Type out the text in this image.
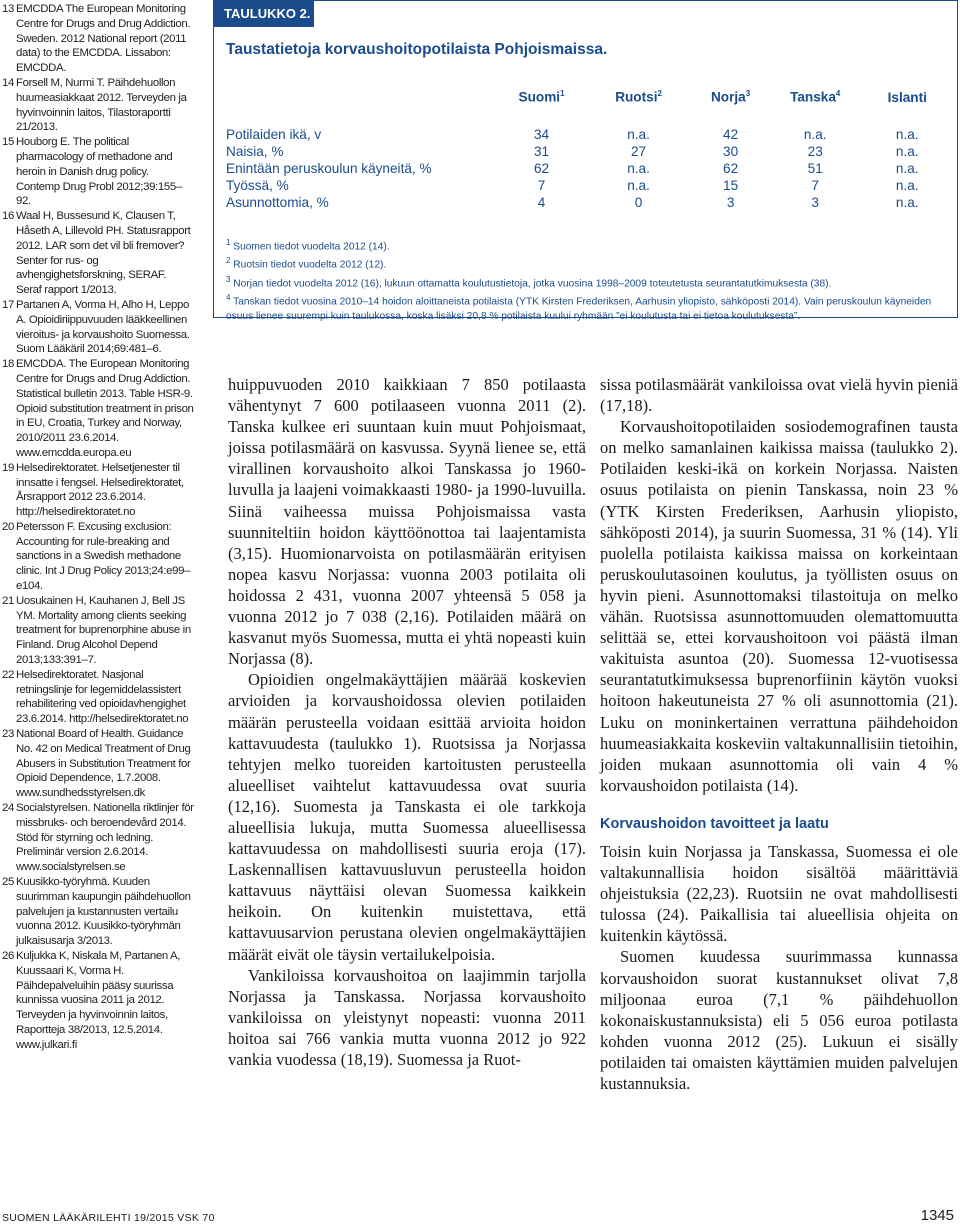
13 EMCDDA The European Monitoring Centre for Drugs and Drug Addiction. Sweden. 2012 National report (2011 data) to the EMCDDA. Lissabon: EMCDDA.
14 Forsell M, Nurmi T. Päihdehuollon huumeasiakkaat 2012. Terveyden ja hyvinvoinnin laitos, Tilastoraportti 21/2013.
15 Houborg E. The political pharmacology of methadone and heroin in Danish drug policy. Contemp Drug Probl 2012;39:155–92.
16 Waal H, Bussesund K, Clausen T, Håseth A, Lillevold PH. Statusrapport 2012. LAR som det vil bli fremover? Senter for rus- og avhengighetsforskning, SERAF. Seraf rapport 1/2013.
17 Partanen A, Vorma H, Alho H, Leppo A. Opioidiriippuvuuden lääkkeellinen vieroitus- ja korvaushoito Suomessa. Suom Lääkäril 2014;69:481–6.
18 EMCDDA. The European Monitoring Centre for Drugs and Drug Addiction. Statistical bulletin 2013. Table HSR-9. Opioid substitution treatment in prison in EU, Croatia, Turkey and Norway, 2010/2011 23.6.2014. www.emcdda.europa.eu
19 Helsedirektoratet. Helsetjenester til innsatte i fengsel. Helsedirektoratet, Årsrapport 2012 23.6.2014. http://helsedirektoratet.no
20 Petersson F. Excusing exclusion: Accounting for rule-breaking and sanctions in a Swedish methadone clinic. Int J Drug Policy 2013;24:e99–e104.
21 Uosukainen H, Kauhanen J, Bell JS YM. Mortality among clients seeking treatment for buprenorphine abuse in Finland. Drug Alcohol Depend 2013;133:391–7.
22 Helsedirektoratet. Nasjonal retningslinje for legemiddelassistert rehabilitering ved opioidavhengighet 23.6.2014. http://helsedirektoratet.no
23 National Board of Health. Guidance No. 42 on Medical Treatment of Drug Abusers in Substitution Treatment for Opioid Dependence, 1.7.2008. www.sundhedsstyrelsen.dk
24 Socialstyrelsen. Nationella riktlinjer för missbruks- och beroendevård 2014. Stöd för styrning och ledning. Preliminär version 2.6.2014. www.socialstyrelsen.se
25 Kuusikko-työryhmä. Kuuden suurimman kaupungin päihdehuollon palvelujen ja kustannusten vertailu vuonna 2012. Kuusikko-työryhmän julkaisusarja 3/2013.
26 Kuljukka K, Niskala M, Partanen A, Kuussaari K, Vorma H. Päihdepalveluihin pääsy suurissa kunnissa vuosina 2011 ja 2012. Terveyden ja hyvinvoinnin laitos, Raportteja 38/2013, 12.5.2014. www.julkari.fi
TAULUKKO 2.
Taustatietoja korvaushoitopotilaista Pohjoismaissa.
	Suomi$^1$	Ruotsi$^2$	Norja$^3$	Tanska$^4$	Islanti

Potilaiden ikä, v	34	n.a.	42	n.a.	n.a.
Naisia, %	31	27	30	23	n.a.
Enintään peruskoulun käyneitä, %	62	n.a.	62	51	n.a.
Työssä, %	7	n.a.	15	7	n.a.
Asunnottomia, %	4	0	3	3	n.a.
$^1$ Suomen tiedot vuodelta 2012 (14).
$^2$ Ruotsin tiedot vuodelta 2012 (12).
$^3$ Norjan tiedot vuodelta 2012 (16), lukuun ottamatta koulutustietoja, jotka vuosina 1998–2009 toteutetusta seurantatutkimuksesta (38).
$^4$ Tanskan tiedot vuosina 2010–14 hoidon aloittaneista potilaista (YTK Kirsten Frederiksen, Aarhusin yliopisto, sähköposti 2014). Vain peruskoulun käyneiden osuus lienee suurempi kuin taulukossa, koska lisäksi 20,8 % potilaista kuului ryhmään ”ei koulutusta tai ei tietoa koulutuksesta”.

huippuvuoden 2010 kaikkiaan 7 850 potilaasta vähentynyt 7 600 potilaaseen vuonna 2011 (2). Tanska kulkee eri suuntaan kuin muut Pohjoismaat, joissa potilasmäärä on kasvussa. Syynä lienee se, että virallinen korvaushoito alkoi Tanskassa jo 1960-luvulla ja laajeni voimakkaasti 1980- ja 1990-luvuilla. Siinä vaiheessa muissa Pohjoismaissa vasta suunniteltiin hoidon käyttöönottoa tai laajentamista (3,15). Huomionarvoista on potilasmäärän erityisen nopea kasvu Norjassa: vuonna 2003 potilaita oli hoidossa 2 431, vuonna 2007 yhteensä 5 058 ja vuonna 2012 jo 7 038 (2,16). Potilaiden määrä on kasvanut myös Suomessa, mutta ei yhtä nopeasti kuin Norjassa (8).

Opioidien ongelmakäyttäjien määrää koskevien arvioiden ja korvaushoidossa olevien potilaiden määrän perusteella voidaan esittää arvioita hoidon kattavuudesta (taulukko 1). Ruotsissa ja Norjassa tehtyjen melko tuoreiden kartoitusten perusteella alueelliset vaihtelut kattavuudessa ovat suuria (12,16). Suomesta ja Tanskasta ei ole tarkkoja alueellisia lukuja, mutta Suomessa alueellisessa kattavuudessa on mahdollisesti suuria eroja (17). Laskennallisen kattavuusluvun perusteella hoidon kattavuus näyttäisi olevan Suomessa kaikkein heikoin. On kuitenkin muistettava, että kattavuusarvion perustana olevien ongelmakäyttäjien määrät eivät ole täysin vertailukelpoisia.

Vankiloissa korvaushoitoa on laajimmin tarjolla Norjassa ja Tanskassa. Norjassa korvaushoito vankiloissa on yleistynyt nopeasti: vuonna 2011 hoitoa sai 766 vankia mutta vuonna 2012 jo 922 vankia vuodessa (18,19). Suomessa ja Ruot-

sissa potilasmäärät vankiloissa ovat vielä hyvin pieniä (17,18).

Korvaushoitopotilaiden sosiodemografinen tausta on melko samanlainen kaikissa maissa (taulukko 2). Potilaiden keski-ikä on korkein Norjassa. Naisten osuus potilaista on pienin Tanskassa, noin 23 % (YTK Kirsten Frederiksen, Aarhusin yliopisto, sähköposti 2014), ja suurin Suomessa, 31 % (14). Yli puolella potilaista kaikissa maissa on korkeintaan peruskoulutasoinen koulutus, ja työllisten osuus on hyvin pieni. Asunnottomaksi tilastoituja on melko vähän. Ruotsissa asunnottomuuden olemattomuutta selittää se, ettei korvaushoitoon voi päästä ilman vakituista asuntoa (20). Suomessa 12-vuotisessa seurantatutkimuksessa buprenorfiinin käytön vuoksi hoitoon hakeutuneista 27 % oli asunnottomia (21). Luku on moninkertainen verrattuna päihdehoidon huumeasiakkaita koskeviin valtakunnallisiin tietoihin, joiden mukaan asunnottomia oli vain 4 % korvaushoidon potilaista (14).

Korvaushoidon tavoitteet ja laatu

Toisin kuin Norjassa ja Tanskassa, Suomessa ei ole valtakunnallisia hoidon sisältöä määrittäviä ohjeistuksia (22,23). Ruotsiin ne ovat mahdollisesti tulossa (24). Paikallisia tai alueellisia ohjeita on kuitenkin käytössä.

Suomen kuudessa suurimmassa kunnassa korvaushoidon suorat kustannukset olivat 7,8 miljoonaa euroa (7,1 % päihdehuollon kokonaiskustannuksista) eli 5 056 euroa potilasta kohden vuonna 2012 (25). Lukuun ei sisälly potilaiden tai omaisten käyttämien muiden palvelujen kustannuksia.

SUOMEN LÄÄKÄRILEHTI 19/2015 VSK 70	1345
